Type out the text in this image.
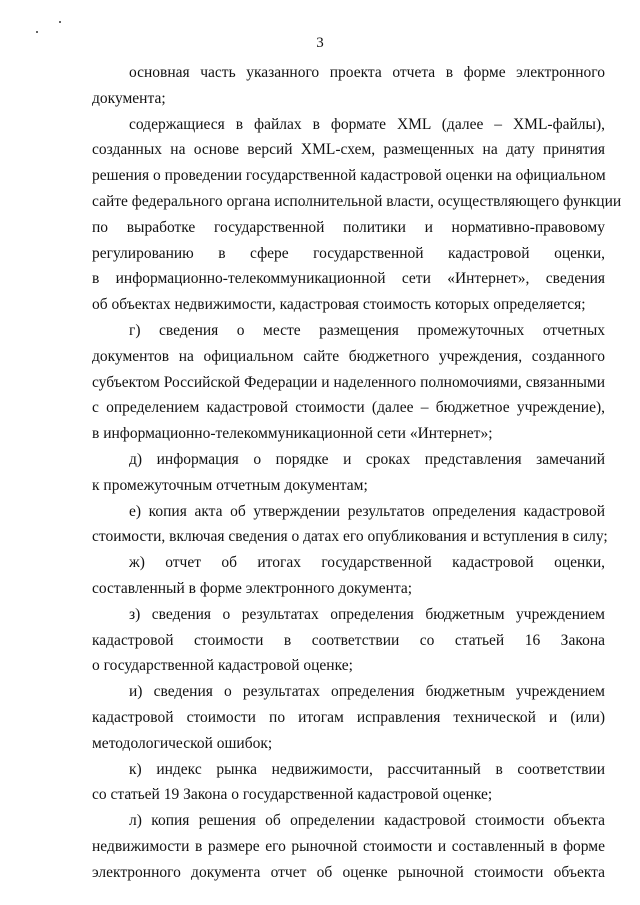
3
основная часть указанного проекта отчета в форме электронного
документа;
содержащиеся в файлах в формате XML (далее – XML-файлы),
созданных на основе версий XML-схем, размещенных на дату принятия
решения о проведении государственной кадастровой оценки на официальном
сайте федерального органа исполнительной власти, осуществляющего функции
по выработке государственной политики и нормативно-правовому
регулированию в сфере государственной кадастровой оценки,
в информационно-телекоммуникационной сети «Интернет», сведения
об объектах недвижимости, кадастровая стоимость которых определяется;
г) сведения о месте размещения промежуточных отчетных
документов на официальном сайте бюджетного учреждения, созданного
субъектом Российской Федерации и наделенного полномочиями, связанными
с определением кадастровой стоимости (далее – бюджетное учреждение),
в информационно-телекоммуникационной сети «Интернет»;
д) информация о порядке и сроках представления замечаний
к промежуточным отчетным документам;
е) копия акта об утверждении результатов определения кадастровой
стоимости, включая сведения о датах его опубликования и вступления в силу;
ж) отчет об итогах государственной кадастровой оценки,
составленный в форме электронного документа;
з) сведения о результатах определения бюджетным учреждением
кадастровой стоимости в соответствии со статьей 16 Закона
о государственной кадастровой оценке;
и) сведения о результатах определения бюджетным учреждением
кадастровой стоимости по итогам исправления технической и (или)
методологической ошибок;
к) индекс рынка недвижимости, рассчитанный в соответствии
со статьей 19 Закона о государственной кадастровой оценке;
л) копия решения об определении кадастровой стоимости объекта
недвижимости в размере его рыночной стоимости и составленный в форме
электронного документа отчет об оценке рыночной стоимости объекта
